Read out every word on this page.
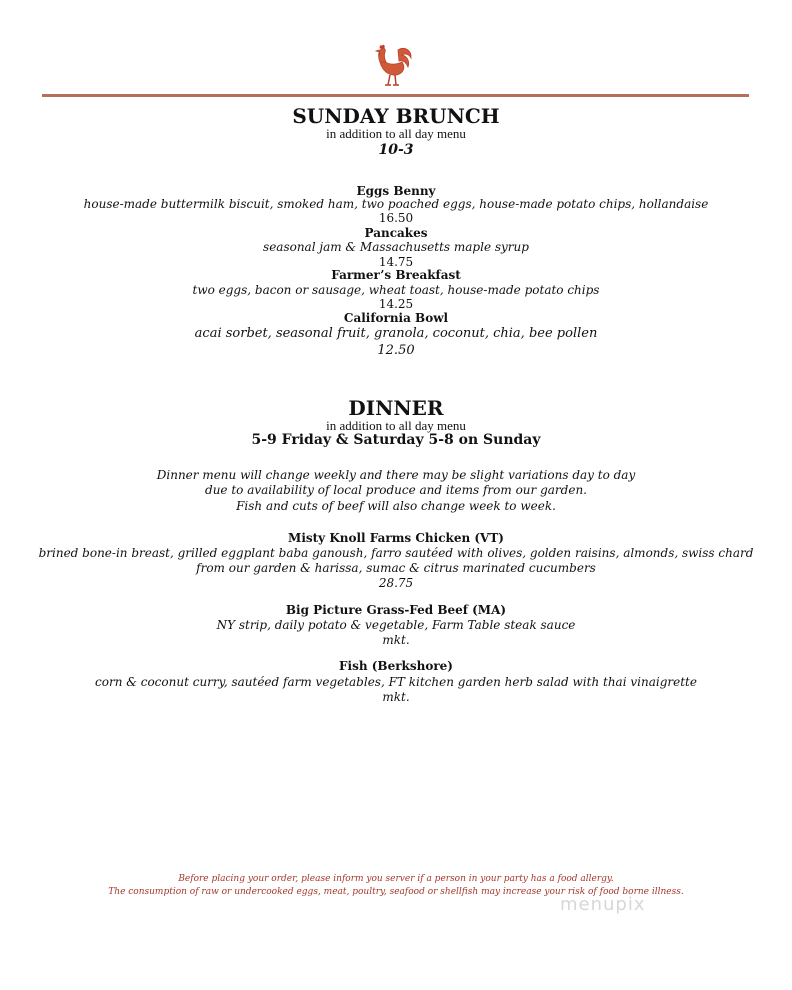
SUNDAY BRUNCH
in addition to all day menu
10-3
Eggs Benny
house-made buttermilk biscuit, smoked ham, two poached eggs, house-made potato chips, hollandaise
16.50
Pancakes
seasonal jam & Massachusetts maple syrup
14.75
Farmer’s Breakfast
two eggs, bacon or sausage, wheat toast, house-made potato chips
14.25
California Bowl
acai sorbet, seasonal fruit, granola, coconut, chia, bee pollen
12.50
DINNER
in addition to all day menu
5-9 Friday & Saturday 5-8 on Sunday
Dinner menu will change weekly and there may be slight variations day to day
due to availability of local produce and items from our garden.
Fish and cuts of beef will also change week to week.
Misty Knoll Farms Chicken (VT)
brined bone-in breast, grilled eggplant baba ganoush, farro sautéed with olives, golden raisins, almonds, swiss chard
from our garden & harissa, sumac & citrus marinated cucumbers
28.75
Big Picture Grass-Fed Beef (MA)
NY strip, daily potato & vegetable, Farm Table steak sauce
mkt.
Fish (Berkshore)
corn & coconut curry, sautéed farm vegetables, FT kitchen garden herb salad with thai vinaigrette
mkt.
Before placing your order, please inform you server if a person in your party has a food allergy.
The consumption of raw or undercooked eggs, meat, poultry, seafood or shellfish may increase your risk of food borne illness.
menupix
